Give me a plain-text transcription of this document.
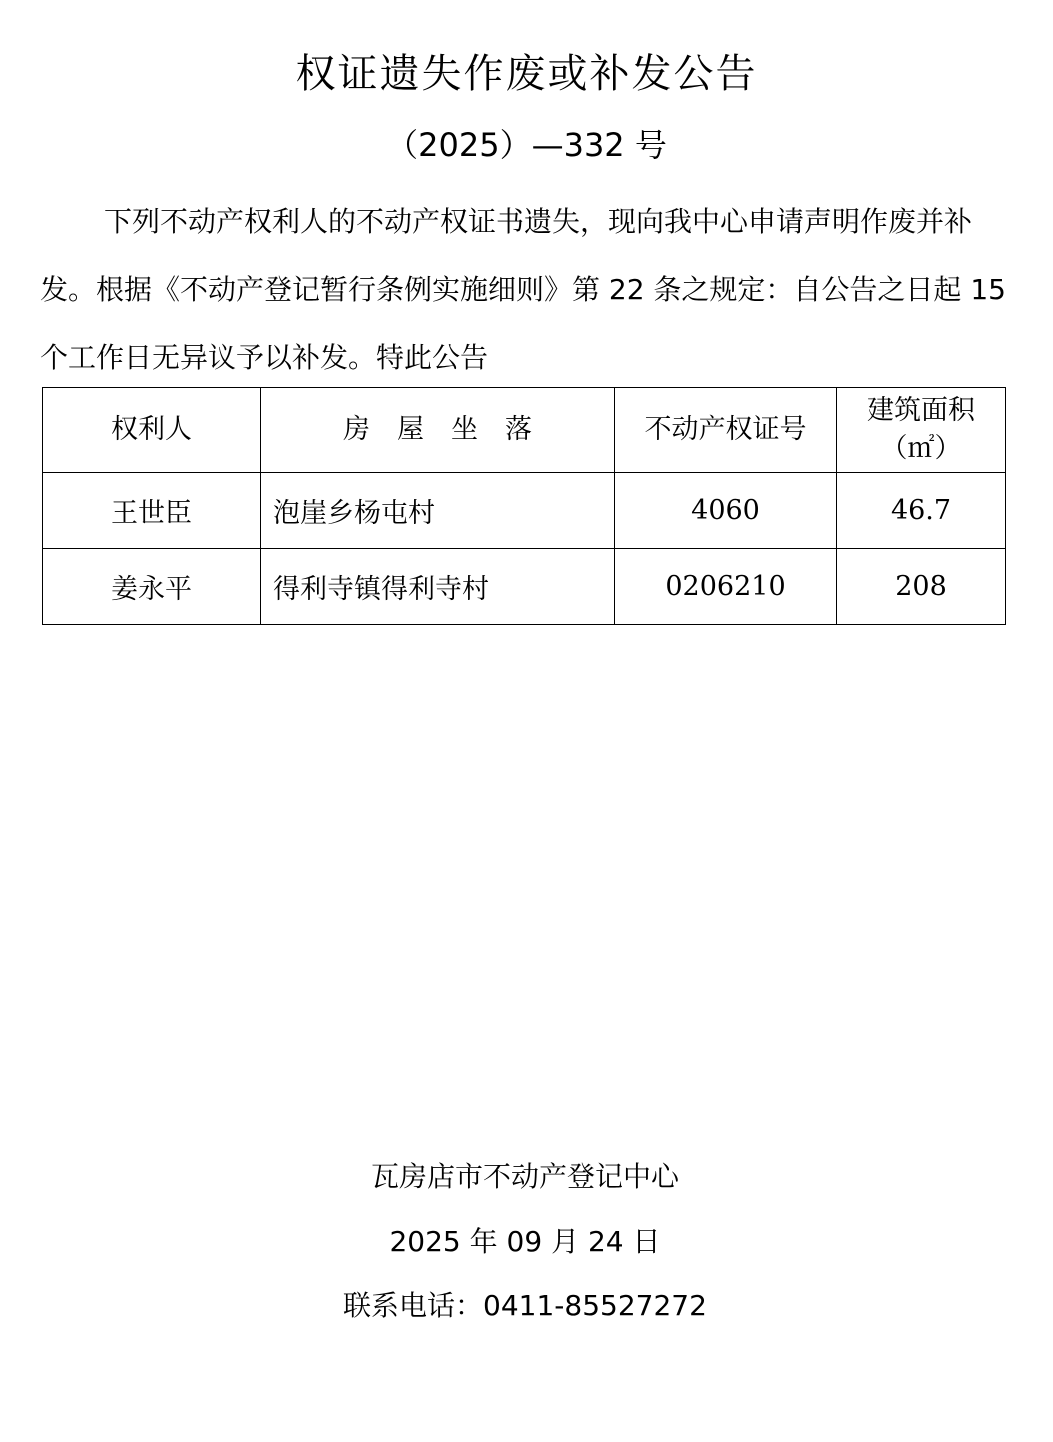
权证遗失作废或补发公告
（2025）—332 号
下列不动产权利人的不动产权证书遗失，现向我中心申请声明作废并补发。根据《不动产登记暂行条例实施细则》第 22 条之规定：自公告之日起 15 个工作日无异议予以补发。特此公告
权利人	房　屋　坐　落	不动产权证号	建筑面积
（㎡）

王世臣	泡崖乡杨屯村	4060	46.7
姜永平	得利寺镇得利寺村	0206210	208
瓦房店市不动产登记中心
2025 年 09 月 24 日
联系电话：0411-85527272
